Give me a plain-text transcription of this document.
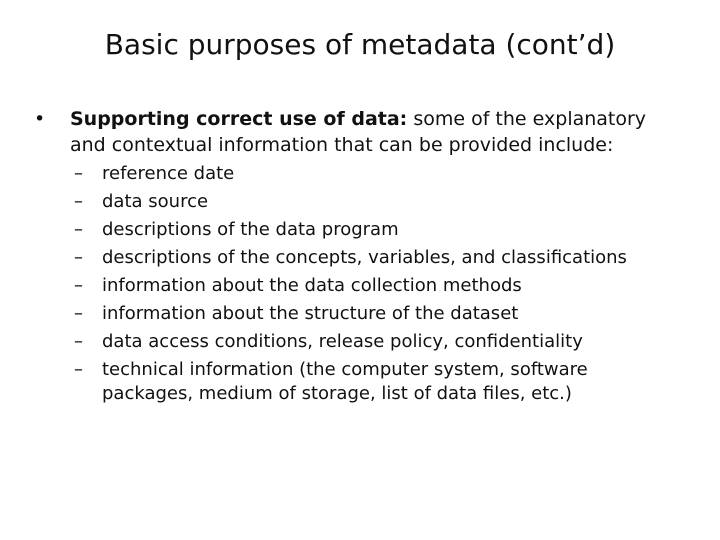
Basic purposes of metadata (cont’d)
•	Supporting correct use of data: some of the explanatory and contextual information that can be provided include:
–	reference date
–	data source
–	descriptions of the data program
–	descriptions of the concepts, variables, and classifications
–	information about the data collection methods
–	information about the structure of the dataset
–	data access conditions, release policy, confidentiality
–	technical information (the computer system, software packages, medium of storage, list of data files, etc.)
